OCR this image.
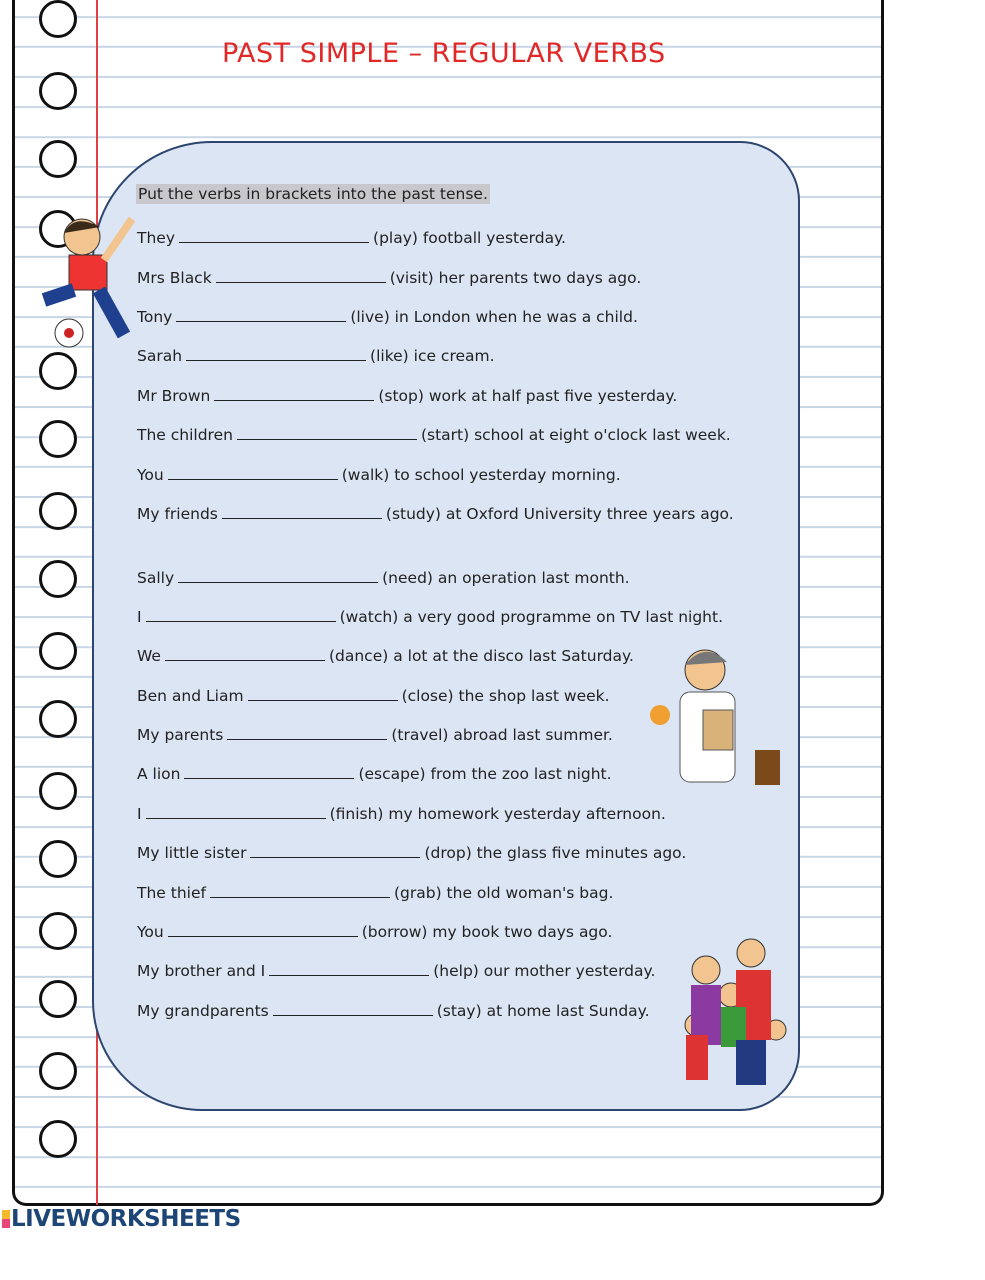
PAST SIMPLE – REGULAR VERBS
Put the verbs in brackets into the past tense.
They	(play) football yesterday.
Mrs Black	(visit) her parents two days ago.
Tony	(live) in London when he was a child.
Sarah	(like) ice cream.
Mr Brown	(stop) work at half past five yesterday.
The children	(start) school at eight o'clock last week.
You	(walk) to school yesterday morning.
My friends	(study) at Oxford University three years ago.
Sally	(need) an operation last month.
I	(watch) a very good programme on TV last night.
We	(dance) a lot at the disco last Saturday.
Ben and Liam	(close) the shop last week.
My parents	(travel) abroad last summer.
A lion	(escape) from the zoo last night.
I	(finish) my homework yesterday afternoon.
My little sister	(drop) the glass five minutes ago.
The thief	(grab) the old woman's bag.
You	(borrow) my book two days ago.
My brother and I	(help) our mother yesterday.
My grandparents	(stay) at home last Sunday.
LIVEWORKSHEETS
